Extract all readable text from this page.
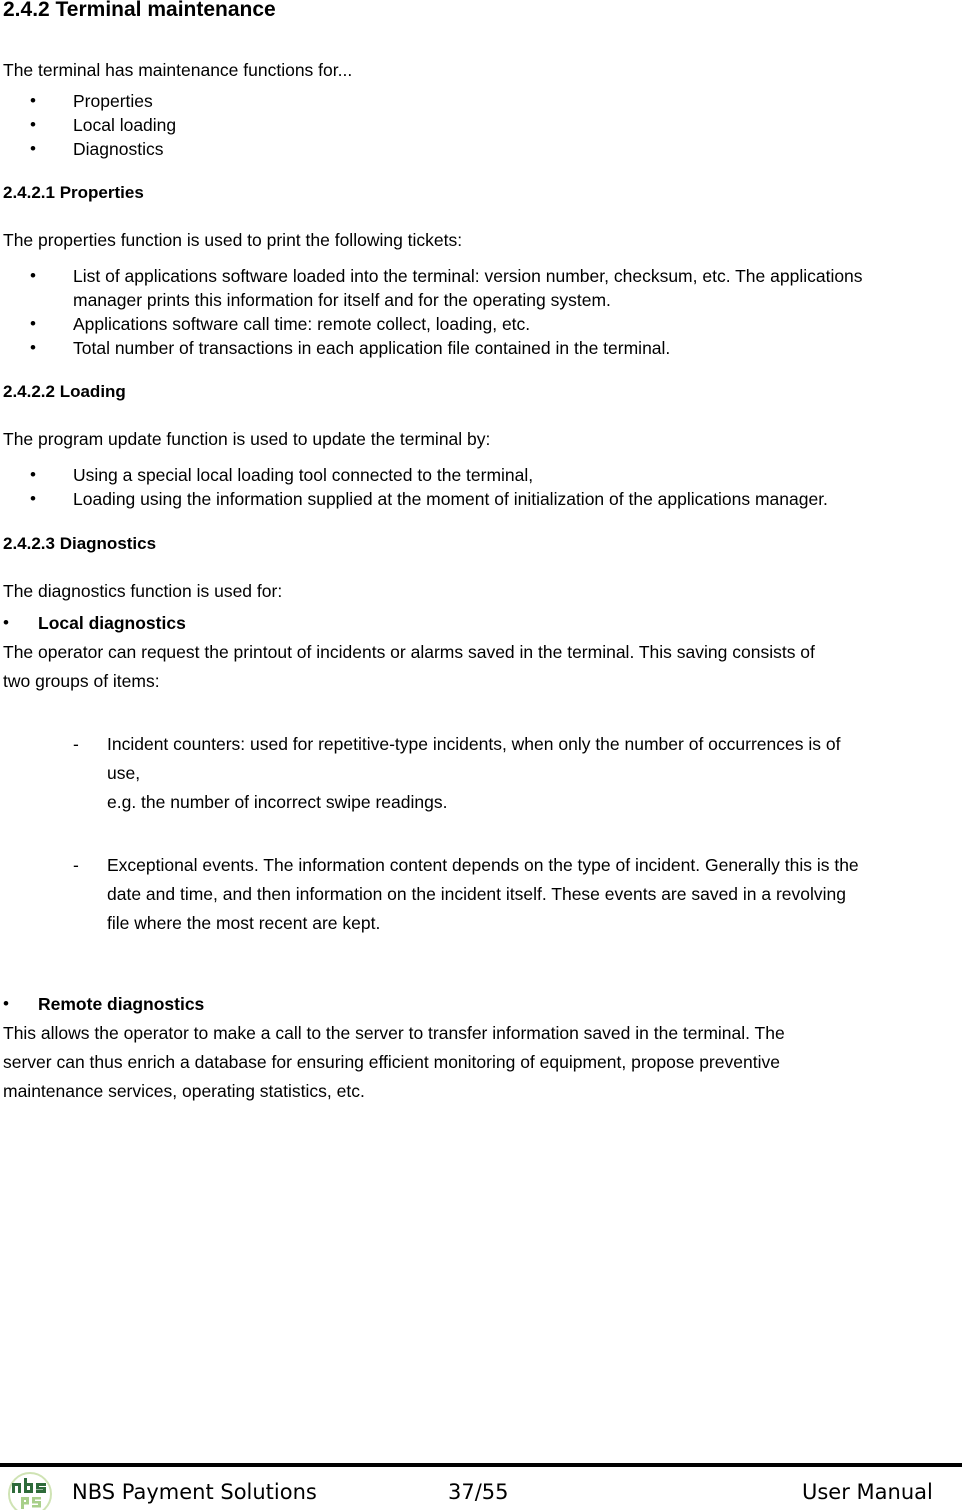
2.4.2 Terminal maintenance
The terminal has maintenance functions for...
• Properties
• Local loading
• Diagnostics
2.4.2.1 Properties
The properties function is used to print the following tickets:
• List of applications software loaded into the terminal: version number, checksum, etc. The applications
manager prints this information for itself and for the operating system.
• Applications software call time: remote collect, loading, etc.
• Total number of transactions in each application file contained in the terminal.
2.4.2.2 Loading
The program update function is used to update the terminal by:
• Using a special local loading tool connected to the terminal,
• Loading using the information supplied at the moment of initialization of the applications manager.
2.4.2.3 Diagnostics
The diagnostics function is used for:
• Local diagnostics
The operator can request the printout of incidents or alarms saved in the terminal. This saving consists of
two groups of items:
- Incident counters: used for repetitive-type incidents, when only the number of occurrences is of
use,
e.g. the number of incorrect swipe readings.
- Exceptional events. The information content depends on the type of incident. Generally this is the
date and time, and then information on the incident itself. These events are saved in a revolving
file where the most recent are kept.
• Remote diagnostics
This allows the operator to make a call to the server to transfer information saved in the terminal. The
server can thus enrich a database for ensuring efficient monitoring of equipment, propose preventive
maintenance services, operating statistics, etc.
NBS Payment Solutions	37/55	User Manual
